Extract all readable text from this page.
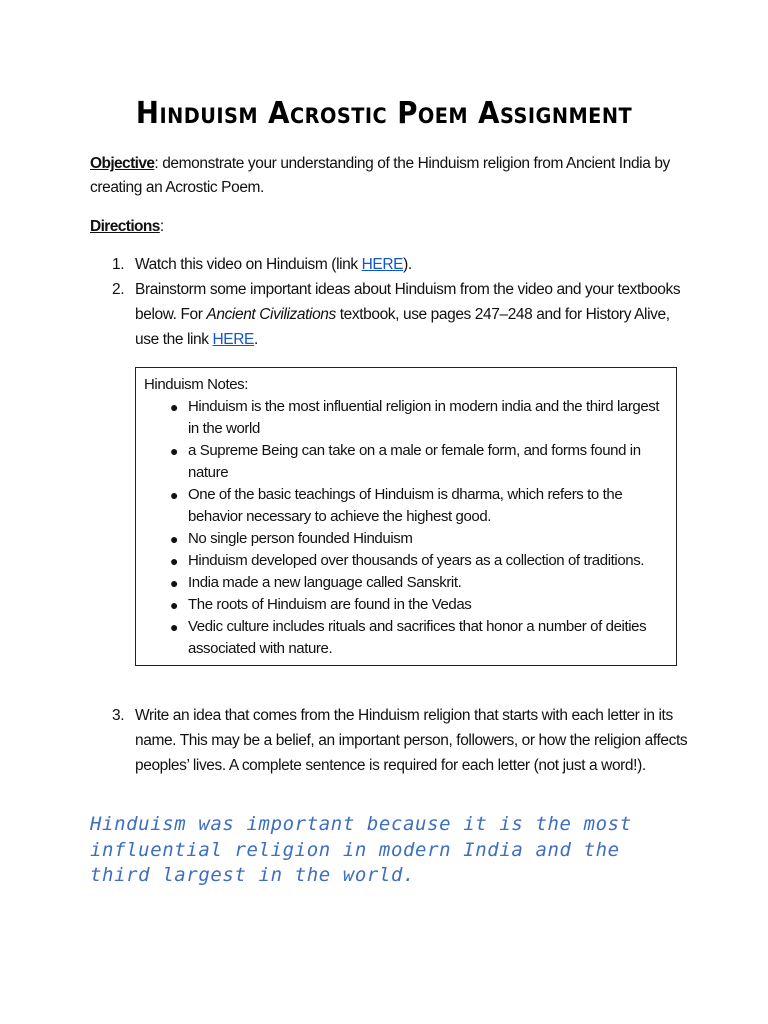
Hinduism Acrostic Poem Assignment
Objective: demonstrate your understanding of the Hinduism religion from Ancient India by creating an Acrostic Poem.
Directions:
1. Watch this video on Hinduism (link HERE).
2. Brainstorm some important ideas about Hinduism from the video and your textbooks below. For Ancient Civilizations textbook, use pages 247–248 and for History Alive, use the link HERE.
Hinduism Notes:
● Hinduism is the most influential religion in modern india and the third largest in the world
● a Supreme Being can take on a male or female form, and forms found in nature
● One of the basic teachings of Hinduism is dharma, which refers to the behavior necessary to achieve the highest good.
● No single person founded Hinduism
● Hinduism developed over thousands of years as a collection of traditions.
● India made a new language called Sanskrit.
● The roots of Hinduism are found in the Vedas
● Vedic culture includes rituals and sacrifices that honor a number of deities associated with nature.
3. Write an idea that comes from the Hinduism religion that starts with each letter in its name. This may be a belief, an important person, followers, or how the religion affects peoples’ lives. A complete sentence is required for each letter (not just a word!).
Hinduism was important because it is the most influential religion in modern India and the third largest in the world.
